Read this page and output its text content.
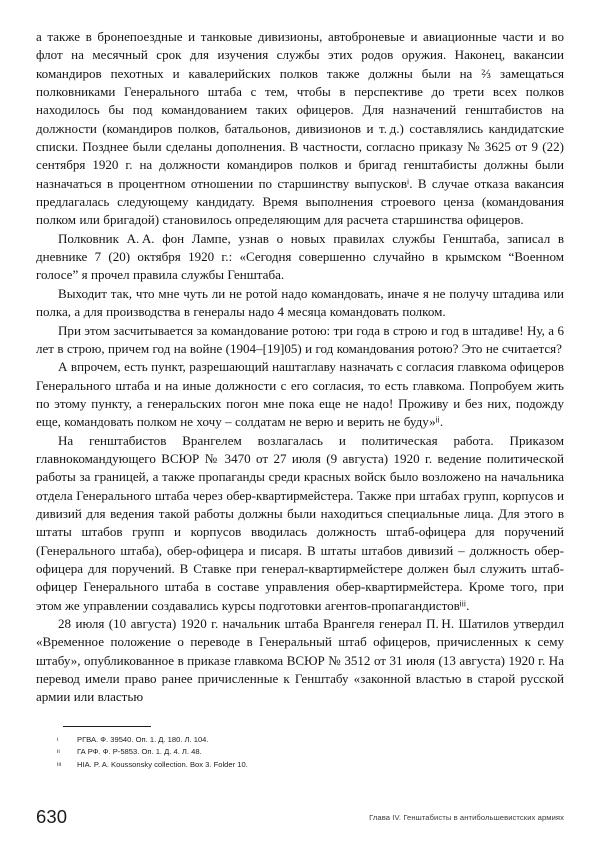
а также в бронепоездные и танковые дивизионы, автоброневые и авиационные части и во флот на месячный срок для изучения службы этих родов оружия. Наконец, вакансии командиров пехотных и кавалерийских полков также должны были на ⅔ замещаться полковниками Генерального штаба с тем, чтобы в перспективе до трети всех полков находилось бы под командованием таких офицеров. Для назначений генштабистов на должности (командиров полков, батальонов, дивизионов и т. д.) составлялись кандидатские списки. Позднее были сделаны дополнения. В частности, согласно приказу № 3625 от 9 (22) сентября 1920 г. на должности командиров полков и бригад генштабисты должны были назначаться в процентном отношении по старшинству выпусков$^i$. В случае отказа вакансия предлагалась следующему кандидату. Время выполнения строевого ценза (командования полком или бригадой) становилось определяющим для расчета старшинства офицеров.

Полковник А. А. фон Лампе, узнав о новых правилах службы Генштаба, записал в дневнике 7 (20) октября 1920 г.: «Сегодня совершенно случайно в крымском “Военном голосе” я прочел правила службы Генштаба.

Выходит так, что мне чуть ли не ротой надо командовать, иначе я не получу штадива или полка, а для производства в генералы надо 4 месяца командовать полком.

При этом засчитывается за командование ротою: три года в строю и год в штадиве! Ну, а 6 лет в строю, причем год на войне (1904–[19]05) и год командования ротою? Это не считается?

А впрочем, есть пункт, разрешающий наштаглаву назначать с согласия главкома офицеров Генерального штаба и на иные должности с его согласия, то есть главкома. Попробуем жить по этому пункту, а генеральских погон мне пока еще не надо! Проживу и без них, подожду еще, командовать полком не хочу – солдатам не верю и верить не буду»$^{ii}$.

На генштабистов Врангелем возлагалась и политическая работа. Приказом главнокомандующего ВСЮР № 3470 от 27 июля (9 августа) 1920 г. ведение политической работы за границей, а также пропаганды среди красных войск было возложено на начальника отдела Генерального штаба через обер-квартирмейстера. Также при штабах групп, корпусов и дивизий для ведения такой работы должны были находиться специальные лица. Для этого в штаты штабов групп и корпусов вводилась должность штаб-офицера для поручений (Генерального штаба), обер-офицера и писаря. В штаты штабов дивизий – должность обер-офицера для поручений. В Ставке при генерал-квартирмейстере должен был служить штаб-офицер Генерального штаба в составе управления обер-квартирмейстера. Кроме того, при этом же управлении создавались курсы подготовки агентов-пропагандистов$^{iii}$.

28 июля (10 августа) 1920 г. начальник штаба Врангеля генерал П. Н. Шатилов утвердил «Временное положение о переводе в Генеральный штаб офицеров, причисленных к сему штабу», опубликованное в приказе главкома ВСЮР № 3512 от 31 июля (13 августа) 1920 г. На перевод имели право ранее причисленные к Генштабу «законной властью в старой русской армии или властью

i	РГВА. Ф. 39540. Оп. 1. Д. 180. Л. 104.
ii	ГА РФ. Ф. Р-5853. Оп. 1. Д. 4. Л. 48.
iii	HIA. P. A. Koussonsky collection. Box 3. Folder 10.
630	Глава IV. Генштабисты в антибольшевистских армиях
